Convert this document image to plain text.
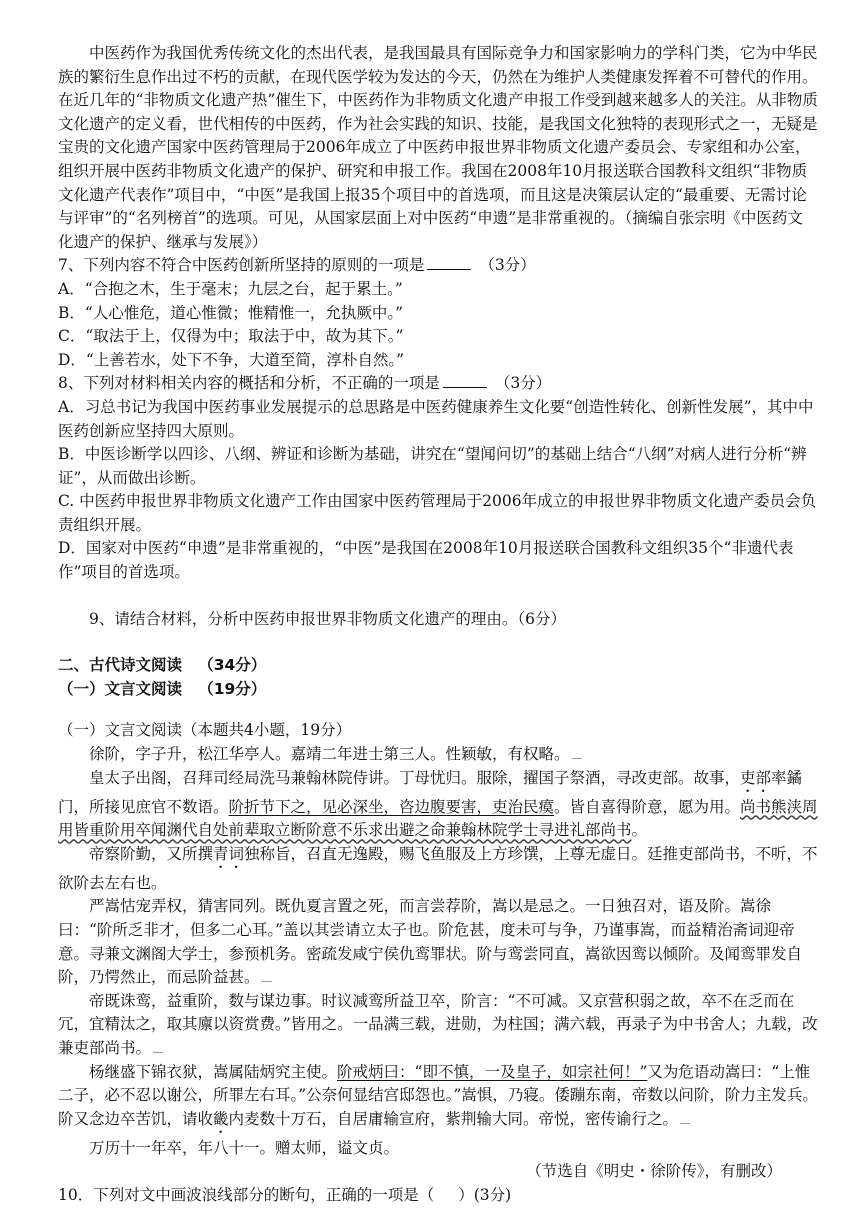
中医药作为我国优秀传统文化的杰出代表，是我国最具有国际竞争力和国家影响力的学科门类，它为中华民族的繁衍生息作出过不朽的贡献，在现代医学较为发达的今天，仍然在为维护人类健康发挥着不可替代的作用。在近几年的“非物质文化遗产热”催生下，中医药作为非物质文化遗产申报工作受到越来越多人的关注。从非物质文化遗产的定义看，世代相传的中医药，作为社会实践的知识、技能，是我国文化独特的表现形式之一，无疑是宝贵的文化遗产国家中医药管理局于2006年成立了中医药申报世界非物质文化遗产委员会、专家组和办公室，组织开展中医药非物质文化遗产的保护、研究和申报工作。我国在2008年10月报送联合国教科文组织“非物质文化遗产代表作”项目中，“中医”是我国上报35个项目中的首选项，而且这是决策层认定的“最重要、无需讨论与评审”的“名列榜首”的选项。可见，从国家层面上对中医药“申遗”是非常重视的。（摘编自张宗明《中医药文化遗产的保护、继承与发展》）

7、下列内容不符合中医药创新所坚持的原则的一项是	（3分）

A．“合抱之木，生于毫末；九层之台，起于累土。”

B．“人心惟危，道心惟微；惟精惟一，允执厥中。”

C．“取法于上，仅得为中；取法于中，故为其下。”

D．“上善若水，处下不争，大道至简，淳朴自然。”

8、下列对材料相关内容的概括和分析，不正确的一项是	（3分）

A．习总书记为我国中医药事业发展提示的总思路是中医药健康养生文化要“创造性转化、创新性发展”，其中中医药创新应坚持四大原则。

B．中医诊断学以四诊、八纲、辨证和诊断为基础，讲究在“望闻问切”的基础上结合“八纲”对病人进行分析“辨证”，从而做出诊断。

C. 中医药申报世界非物质文化遗产工作由国家中医药管理局于2006年成立的申报世界非物质文化遗产委员会负责组织开展。

D．国家对中医药“申遗”是非常重视的，“中医”是我国在2008年10月报送联合国教科文组织35个“非遗代表作”项目的首选项。

9、请结合材料，分析中医药申报世界非物质文化遗产的理由。（6分）

二、古代诗文阅读 （34分）

（一）文言文阅读 （19分）

（一）文言文阅读（本题共4小题，19分）

徐阶，字子升，松江华亭人。嘉靖二年进士第三人。性颖敏，有权略。

皇太子出阁，召拜司经局洗马兼翰林院侍讲。丁母忧归。服除，擢国子祭酒，寻改吏部。故事，吏部率鐍门，所接见庶官不数语。阶折节下之，见必深坐，咨边腹要害，吏治民瘼。皆自喜得阶意，愿为用。尚书熊浃周用皆重阶用卒闻渊代自处前辈取立断阶意不乐求出避之命兼翰林院学士寻进礼部尚书。

帝察阶勤，又所撰青词独称旨，召直无逸殿，赐飞鱼服及上方珍馔，上尊无虚日。廷推吏部尚书，不听，不欲阶去左右也。

严嵩怙宠弄权，猜害同列。既仇夏言置之死，而言尝荐阶，嵩以是忌之。一日独召对，语及阶。嵩徐曰：“阶所乏非才，但多二心耳。”盖以其尝请立太子也。阶危甚，度未可与争，乃谨事嵩，而益精治斋词迎帝意。寻兼文渊阁大学士，参预机务。密疏发咸宁侯仇鸾罪状。阶与鸾尝同直，嵩欲因鸾以倾阶。及闻鸾罪发自阶，乃愕然止，而忌阶益甚。

帝既诛鸾，益重阶，数与谋边事。时议减鸾所益卫卒，阶言：“不可减。又京营积弱之故，卒不在乏而在冗，宜精汰之，取其廪以资赏费。”皆用之。一品满三载，进勋，为柱国；满六载，再录子为中书舍人；九载，改兼吏部尚书。

杨继盛下锦衣狱，嵩属陆炳究主使。阶戒炳曰：“即不慎，一及皇子，如宗社何！”又为危语动嵩曰：“上惟二子，必不忍以谢公，所罪左右耳。”公奈何显结宫邸怨也。”嵩惧，乃寝。倭蹦东南，帝数以问阶，阶力主发兵。阶又念边卒苦饥，请收畿内麦数十万石，自居庸输宣府，紫荆输大同。帝悦，密传谕行之。

万历十一年卒，年八十一。赠太师，谥文贞。

（节选自《明史・徐阶传》，有删改）

10．下列对文中画波浪线部分的断句，正确的一项是（ ）(3分)
